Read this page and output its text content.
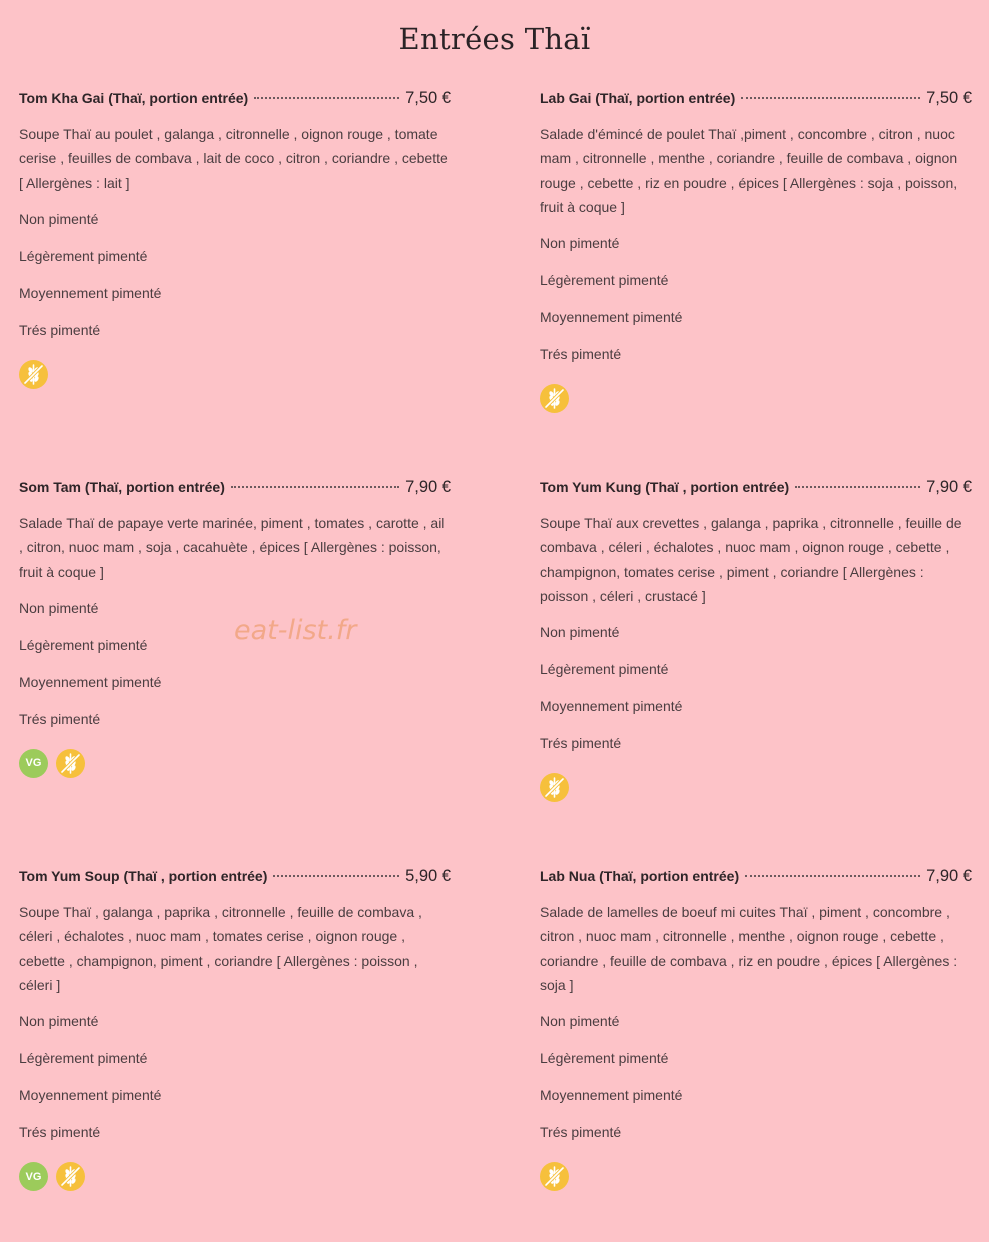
Entrées Thaï
eat-list.fr
Tom Kha Gai (Thaï, portion entrée)	7,50 €
Soupe Thaï au poulet , galanga , citronnelle , oignon rouge , tomate cerise , feuilles de combava , lait de coco , citron , coriandre , cebette [ Allergènes : lait ]
Non pimenté
Légèrement pimenté
Moyennement pimenté
Trés pimenté
Lab Gai (Thaï, portion entrée)	7,50 €
Salade d'émincé de poulet Thaï ,piment , concombre , citron , nuoc mam , citronnelle , menthe , coriandre , feuille de combava , oignon rouge , cebette , riz en poudre , épices [ Allergènes : soja , poisson, fruit à coque ]
Non pimenté
Légèrement pimenté
Moyennement pimenté
Trés pimenté
Som Tam (Thaï, portion entrée)	7,90 €
Salade Thaï de papaye verte marinée, piment , tomates , carotte , ail , citron, nuoc mam , soja , cacahuète , épices [ Allergènes : poisson, fruit à coque ]
Non pimenté
Légèrement pimenté
Moyennement pimenté
Trés pimenté
VG
Tom Yum Kung (Thaï , portion entrée)	7,90 €
Soupe Thaï aux crevettes , galanga , paprika , citronnelle , feuille de combava , céleri , échalotes , nuoc mam , oignon rouge , cebette , champignon, tomates cerise , piment , coriandre [ Allergènes : poisson , céleri , crustacé ]
Non pimenté
Légèrement pimenté
Moyennement pimenté
Trés pimenté
Tom Yum Soup (Thaï , portion entrée)	5,90 €
Soupe Thaï , galanga , paprika , citronnelle , feuille de combava , céleri , échalotes , nuoc mam , tomates cerise , oignon rouge , cebette , champignon, piment , coriandre [ Allergènes : poisson , céleri ]
Non pimenté
Légèrement pimenté
Moyennement pimenté
Trés pimenté
VG
Lab Nua (Thaï, portion entrée)	7,90 €
Salade de lamelles de boeuf mi cuites Thaï , piment , concombre , citron , nuoc mam , citronnelle , menthe , oignon rouge , cebette , coriandre , feuille de combava , riz en poudre , épices [ Allergènes : soja ]
Non pimenté
Légèrement pimenté
Moyennement pimenté
Trés pimenté
